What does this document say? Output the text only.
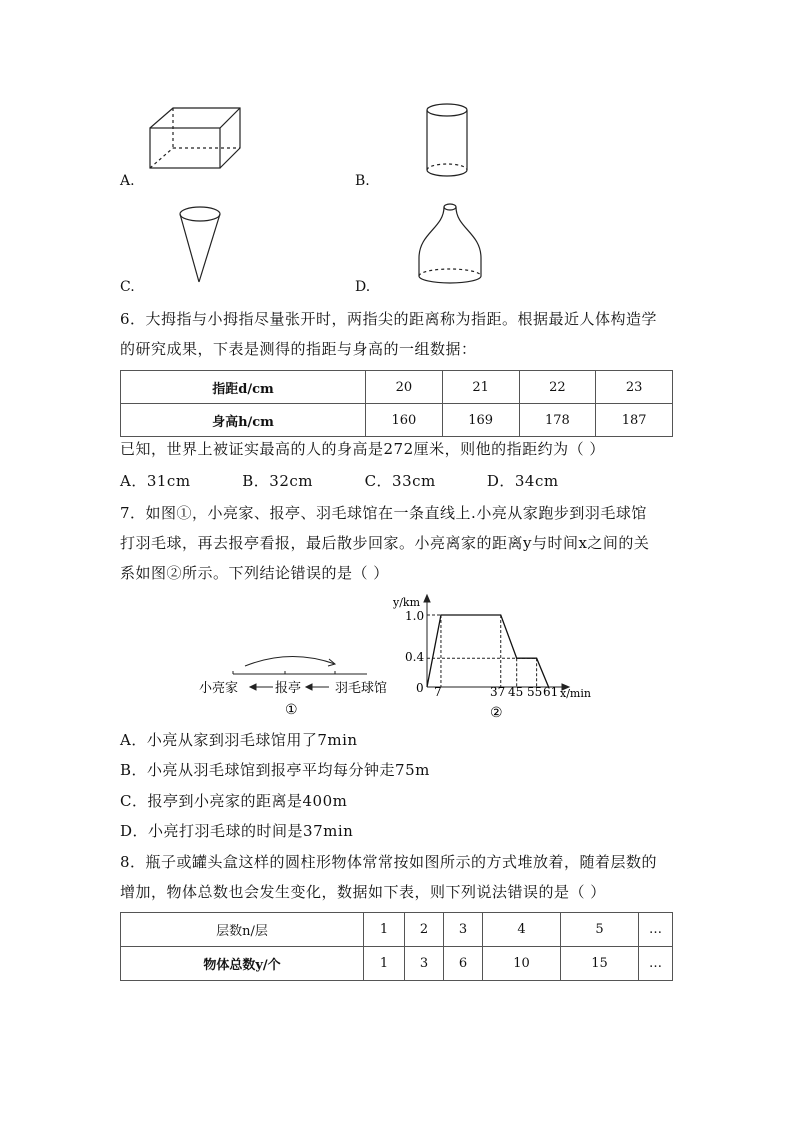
A.	B.
C.	D.
6．大拇指与小拇指尽量张开时，两指尖的距离称为指距。根据最近人体构造学
的研究成果，下表是测得的指距与身高的一组数据：
指距d/cm	20	21	22	23
身高h/cm	160	169	178	187
已知，世界上被证实最高的人的身高是272厘米，则他的指距约为（ ）
A．31cm	B．32cm	C．33cm	D．34cm
7．如图①，小亮家、报亭、羽毛球馆在一条直线上.小亮从家跑步到羽毛球馆
打羽毛球，再去报亭看报，最后散步回家。小亮离家的距离y与时间x之间的关
系如图②所示。下列结论错误的是（ ）
小亮家	报亭	羽毛球馆
①
y/km
x/min
0
1.0
0.4
7	37 45 55 61
②
A．小亮从家到羽毛球馆用了7min
B．小亮从羽毛球馆到报亭平均每分钟走75m
C．报亭到小亮家的距离是400m
D．小亮打羽毛球的时间是37min
8．瓶子或罐头盒这样的圆柱形物体常常按如图所示的方式堆放着，随着层数的
增加，物体总数也会发生变化，数据如下表，则下列说法错误的是（ ）
层数n/层	1	2	3	4	5	…
物体总数y/个	1	3	6	10	15	…
